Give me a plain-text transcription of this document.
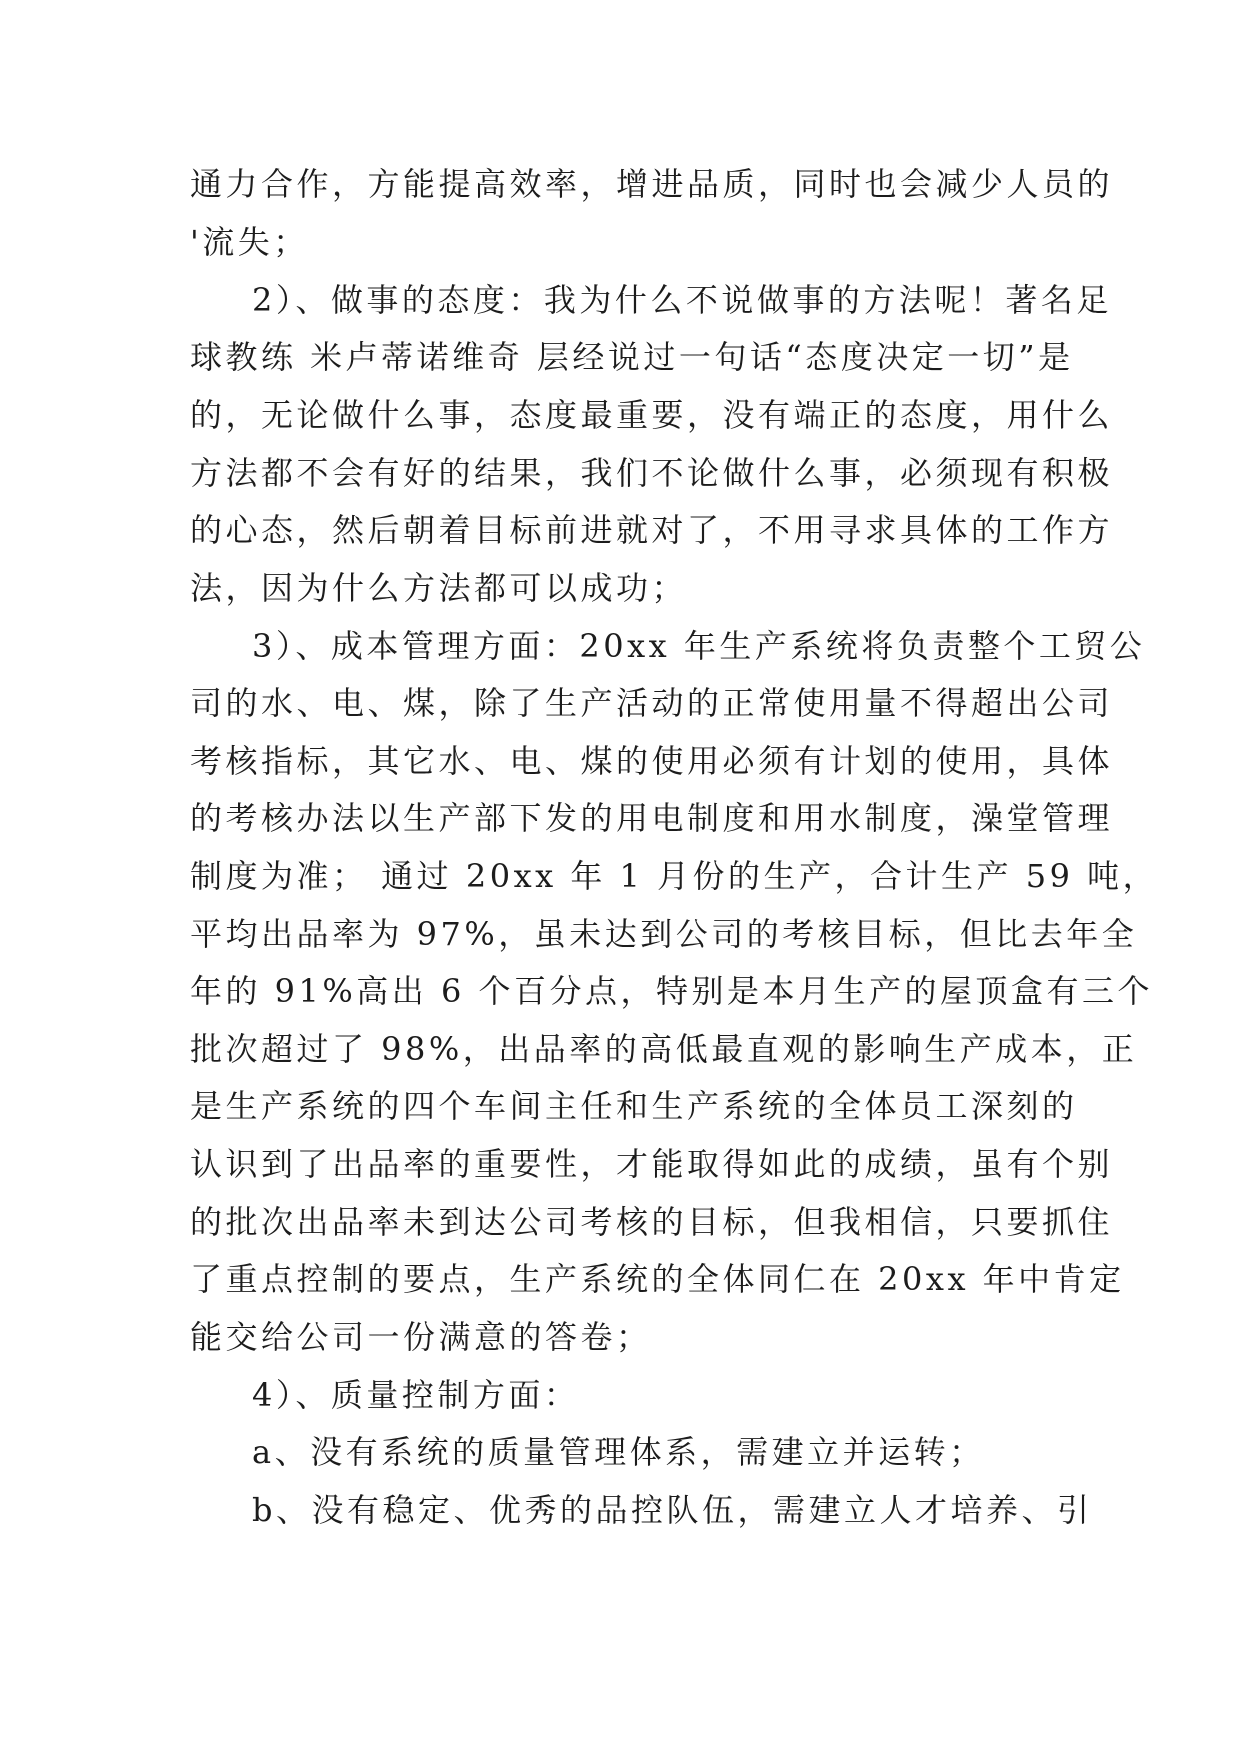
通力合作，方能提高效率，增进品质，同时也会减少人员的
'流失；
2）、做事的态度：我为什么不说做事的方法呢！著名足
球教练 米卢蒂诺维奇 层经说过一句话“态度决定一切”是
的，无论做什么事，态度最重要，没有端正的态度，用什么
方法都不会有好的结果，我们不论做什么事，必须现有积极
的心态，然后朝着目标前进就对了，不用寻求具体的工作方
法，因为什么方法都可以成功；
3）、成本管理方面：20xx 年生产系统将负责整个工贸公
司的水、电、煤，除了生产活动的正常使用量不得超出公司
考核指标，其它水、电、煤的使用必须有计划的使用，具体
的考核办法以生产部下发的用电制度和用水制度，澡堂管理
制度为准； 通过 20xx 年 1 月份的生产，合计生产 59 吨，
平均出品率为 97%，虽未达到公司的考核目标，但比去年全
年的 91%高出 6 个百分点，特别是本月生产的屋顶盒有三个
批次超过了 98%，出品率的高低最直观的影响生产成本，正
是生产系统的四个车间主任和生产系统的全体员工深刻的
认识到了出品率的重要性，才能取得如此的成绩，虽有个别
的批次出品率未到达公司考核的目标，但我相信，只要抓住
了重点控制的要点，生产系统的全体同仁在 20xx 年中肯定
能交给公司一份满意的答卷；
4）、质量控制方面：
a、没有系统的质量管理体系，需建立并运转；
b、没有稳定、优秀的品控队伍，需建立人才培养、引
